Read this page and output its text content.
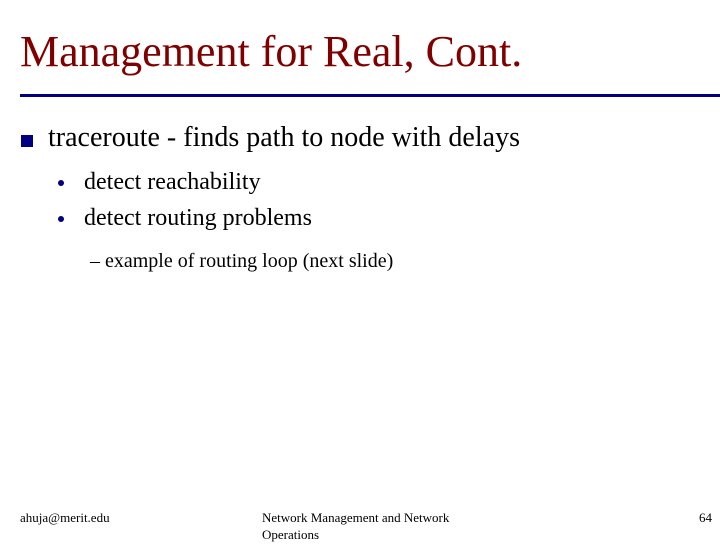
Management for Real, Cont.
traceroute - finds path to node with delays
detect reachability
detect routing problems
– example of routing loop (next slide)
ahuja@merit.edu	Network Management and Network Operations
64
